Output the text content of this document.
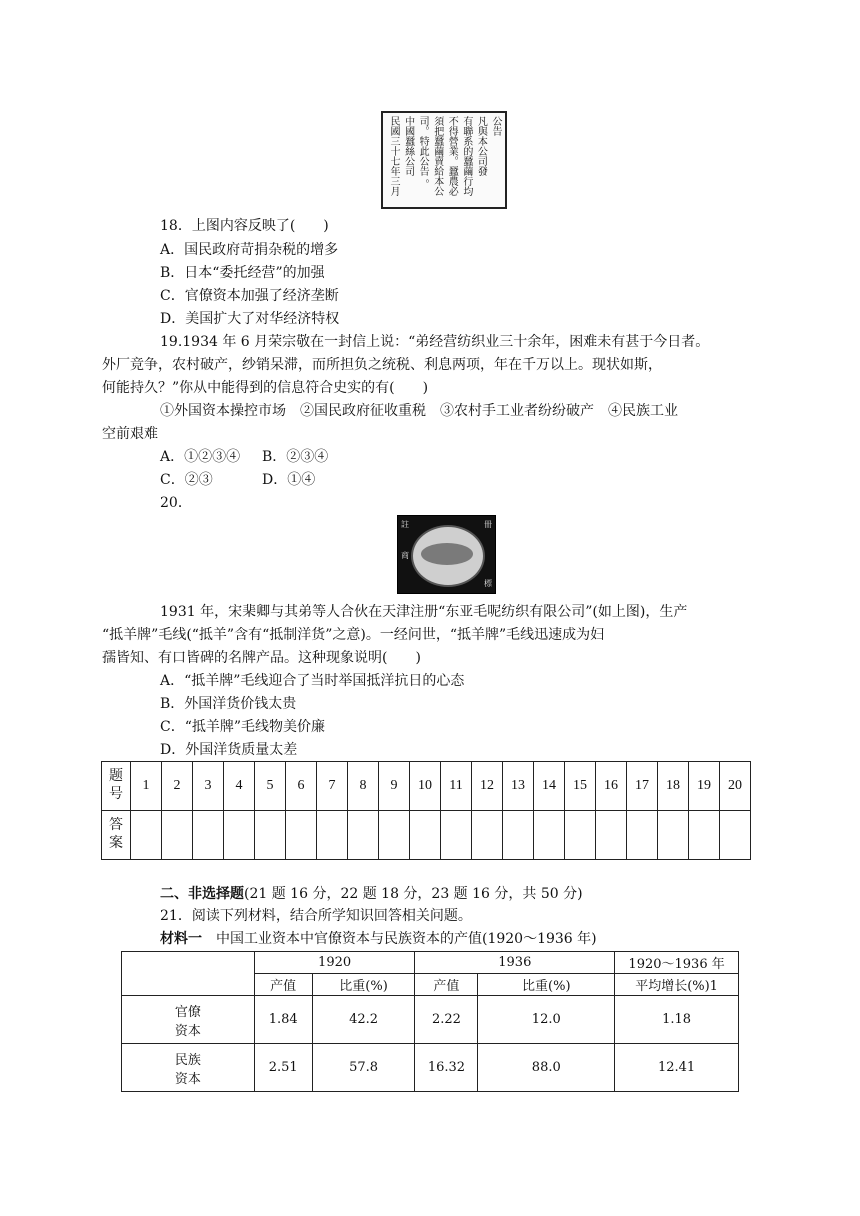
公告
凡與本公司發
有聯系的蠶繭行均
不得營業。蠶農必
須把蠶繭賣給本公
司。特此公告 。
中國蠶絲公司
民國三十七年三月
18．上图内容反映了(　　)
A．国民政府苛捐杂税的增多
B．日本“委托经营”的加强
C．官僚资本加强了经济垄断
D．美国扩大了对华经济特权
19.1934 年 6 月荣宗敬在一封信上说：“弟经营纺织业三十余年，困难未有甚于今日者。
外厂竞争，农村破产，纱销呆滞，而所担负之统税、利息两项，年在千万以上。现状如斯，
何能持久？”你从中能得到的信息符合史实的有(　　)
①外国资本操控市场　②国民政府征收重税　③农村手工业者纷纷破产　④民族工业
空前艰难
A．①②③④ B．②③④
C．②③	D．①④
20．
註	冊
商
標
1931 年，宋棐卿与其弟等人合伙在天津注册“东亚毛呢纺织有限公司”(如上图)，生产
“抵羊牌”毛线(“抵羊”含有“抵制洋货”之意)。一经问世，“抵羊牌”毛线迅速成为妇
孺皆知、有口皆碑的名牌产品。这种现象说明(　　)
A．“抵羊牌”毛线迎合了当时举国抵洋抗日的心态
B．外国洋货价钱太贵
C．“抵羊牌”毛线物美价廉
D．外国洋货质量太差
题
号	1	2	3	4	5	6	7	8	9	10	11	12	13	14	15	16	17	18	19	20

答
案																				

二、非选择题(21 题 16 分，22 题 18 分，23 题 16 分，共 50 分)
21．阅读下列材料，结合所学知识回答相关问题。
材料一 中国工业资本中官僚资本与民族资本的产值(1920～1936 年)
	1920		1936		1920～1936 年
	产值	比重(%)	产值	比重(%)	平均增长(%)1

官僚
资本	1.84	42.2	2.22	12.0	1.18

民族
资本	2.51	57.8	16.32	88.0	12.41
